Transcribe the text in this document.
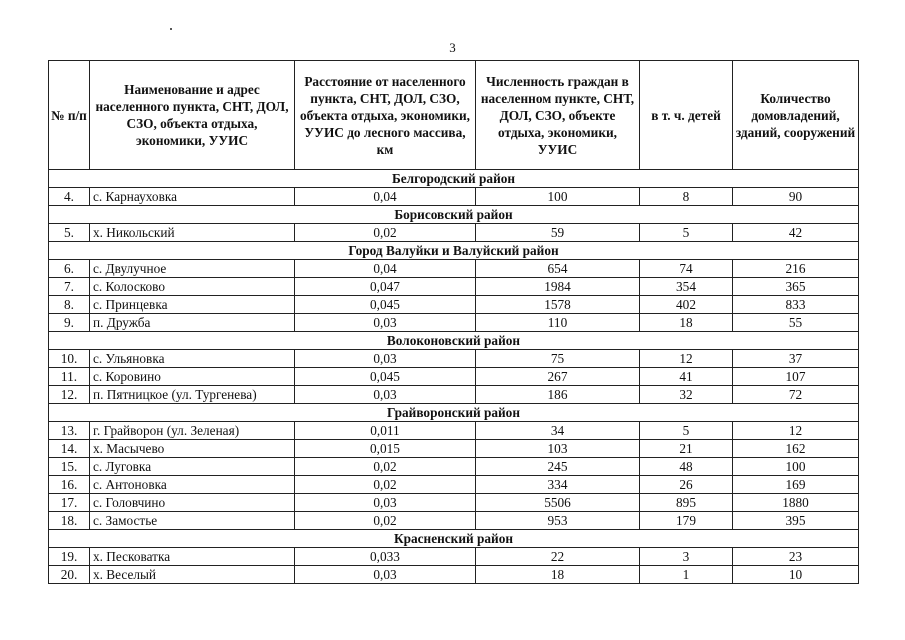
3
№ п/п	Наименование и адрес населенного пункта, СНТ, ДОЛ, СЗО, объекта отдыха, экономики, УУИС	Расстояние от населенного пункта, СНТ, ДОЛ, СЗО, объекта отдыха, экономики, УУИС до лесного массива, км	Численность граждан в населенном пункте, СНТ, ДОЛ, СЗО, объекте отдыха, экономики, УУИС	в т. ч. детей	Количество домовладений, зданий, сооружений
Белгородский район					
4.	с. Карнауховка	0,04	100	8	90
Борисовский район					
5.	х. Никольский	0,02	59	5	42
Город Валуйки и Валуйский район					
6.	с. Двулучное	0,04	654	74	216
7.	с. Колосково	0,047	1984	354	365
8.	с. Принцевка	0,045	1578	402	833
9.	п. Дружба	0,03	110	18	55
Волоконовский район					
10.	с. Ульяновка	0,03	75	12	37
11.	с. Коровино	0,045	267	41	107
12.	п. Пятницкое (ул. Тургенева)	0,03	186	32	72
Грайворонский район					
13.	г. Грайворон (ул. Зеленая)	0,011	34	5	12
14.	х. Масычево	0,015	103	21	162
15.	с. Луговка	0,02	245	48	100
16.	с. Антоновка	0,02	334	26	169
17.	с. Головчино	0,03	5506	895	1880
18.	с. Замостье	0,02	953	179	395
Красненский район					
19.	х. Песковатка	0,033	22	3	23
20.	х. Веселый	0,03	18	1	10
